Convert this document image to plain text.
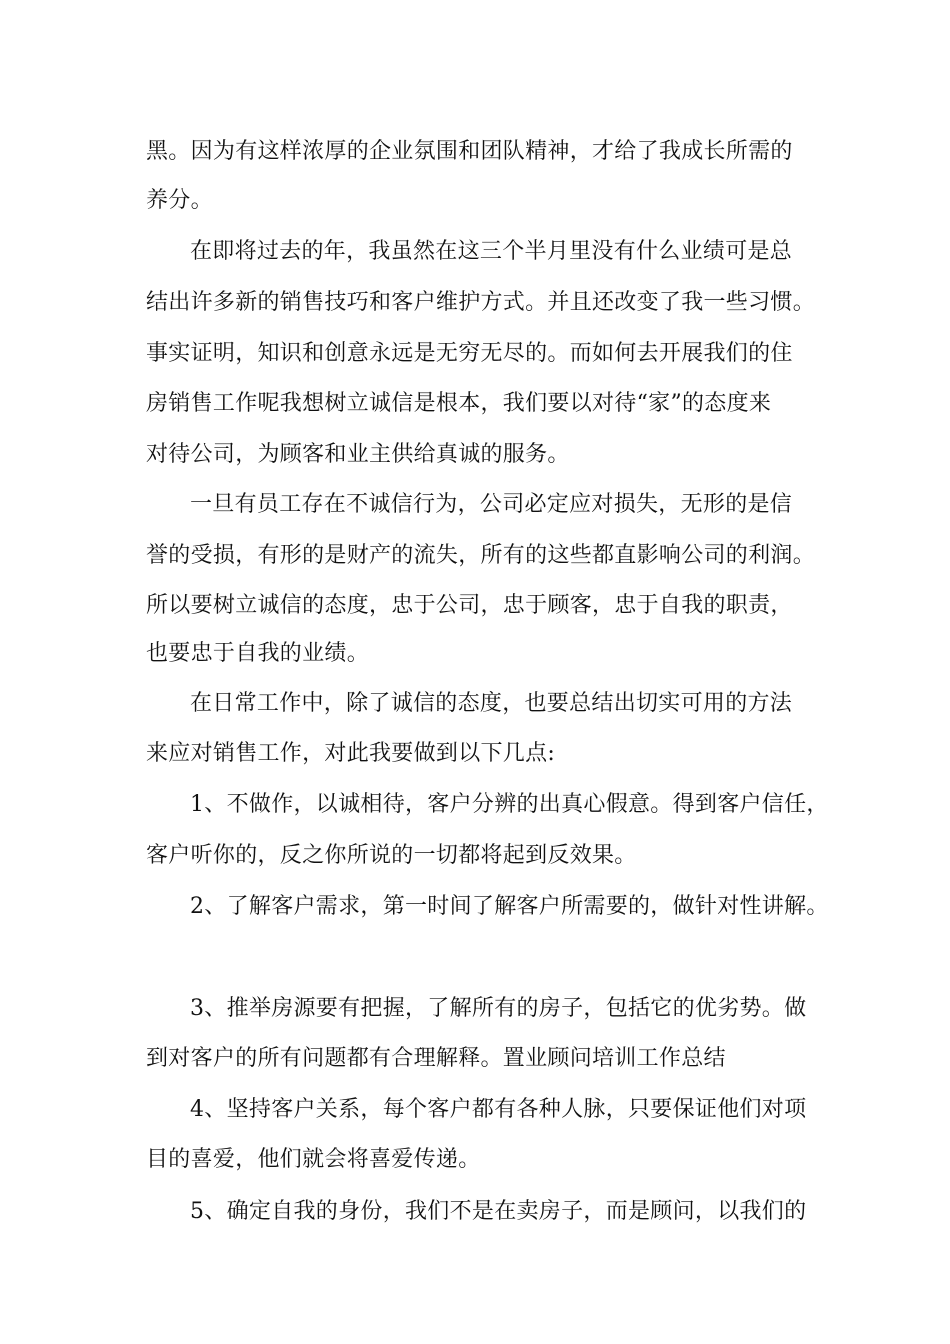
黑。因为有这样浓厚的企业氛围和团队精神，才给了我成长所需的
养分。
在即将过去的年，我虽然在这三个半月里没有什么业绩可是总
结出许多新的销售技巧和客户维护方式。并且还改变了我一些习惯。
事实证明，知识和创意永远是无穷无尽的。而如何去开展我们的住
房销售工作呢我想树立诚信是根本，我们要以对待“家”的态度来
对待公司，为顾客和业主供给真诚的服务。
一旦有员工存在不诚信行为，公司必定应对损失，无形的是信
誉的受损，有形的是财产的流失，所有的这些都直影响公司的利润。
所以要树立诚信的态度，忠于公司，忠于顾客，忠于自我的职责，
也要忠于自我的业绩。
在日常工作中，除了诚信的态度，也要总结出切实可用的方法
来应对销售工作，对此我要做到以下几点:
1、不做作，以诚相待，客户分辨的出真心假意。得到客户信任，
客户听你的，反之你所说的一切都将起到反效果。
2、了解客户需求，第一时间了解客户所需要的，做针对性讲解。
3、推举房源要有把握，了解所有的房子，包括它的优劣势。做
到对客户的所有问题都有合理解释。置业顾问培训工作总结
4、坚持客户关系，每个客户都有各种人脉，只要保证他们对项
目的喜爱，他们就会将喜爱传递。
5、确定自我的身份，我们不是在卖房子，而是顾问，以我们的
